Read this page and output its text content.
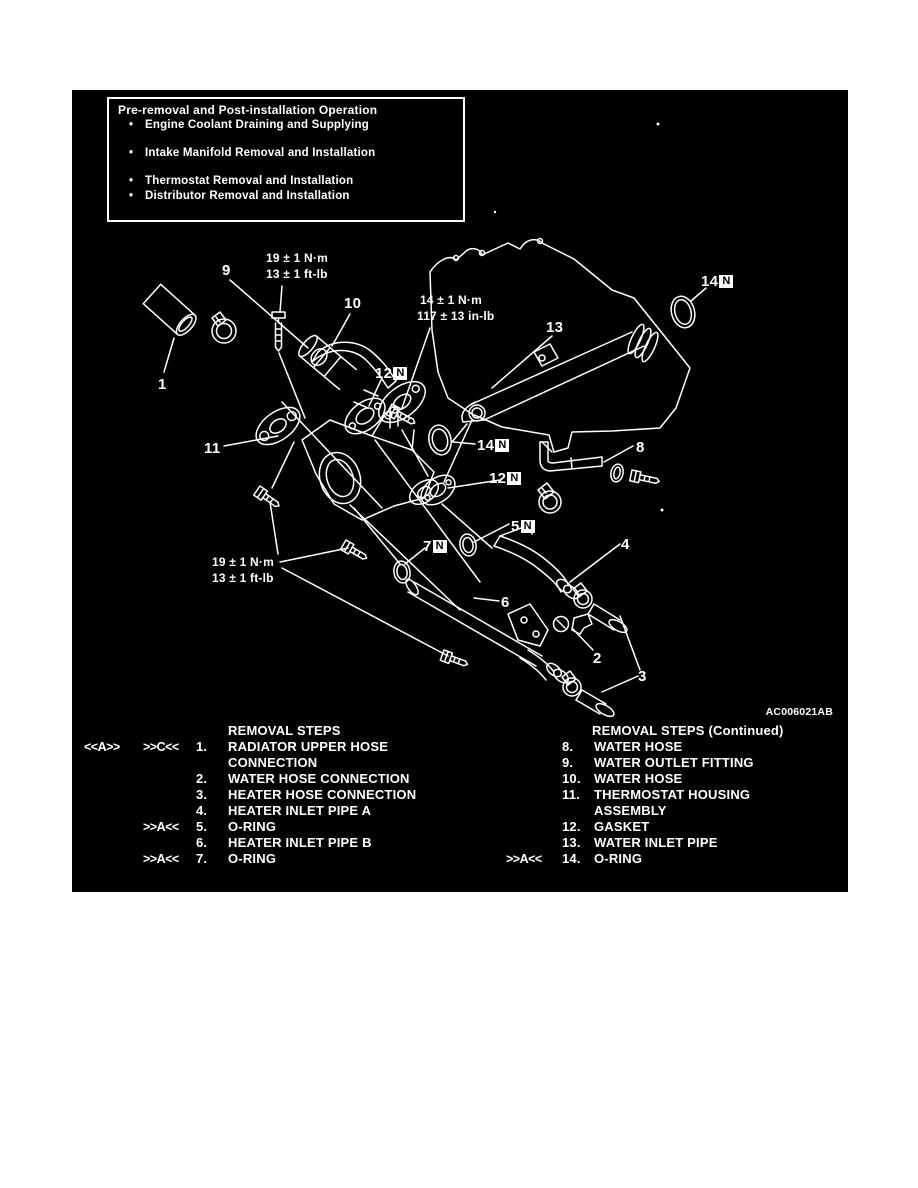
Pre-removal and Post-installation Operation
•	Engine Coolant Draining and Supplying
•	Intake Manifold Removal and Installation
•	Thermostat Removal and Installation
•	Distributor Removal and Installation
19 ± 1 N·m
13 ± 1 ft-lb
14 ± 1 N·m
117 ± 13 in-lb
19 ± 1 N·m
13 ± 1 ft-lb
1
9
10
13
14 N
12 N
11	14 N	8
12 N
5 N
7 N	4
6
2
3
AC006021AB
REMOVAL STEPS
<<A>> >>C<< 1. RADIATOR UPPER HOSE
CONNECTION
2. WATER HOSE CONNECTION
3. HEATER HOSE CONNECTION
4. HEATER INLET PIPE A
>>A<< 5. O-RING
6. HEATER INLET PIPE B
>>A<< 7. O-RING
REMOVAL STEPS (Continued)
8. WATER HOSE
9. WATER OUTLET FITTING
10. WATER HOSE
11. THERMOSTAT HOUSING
ASSEMBLY
12. GASKET
13. WATER INLET PIPE
>>A<< 14. O-RING
